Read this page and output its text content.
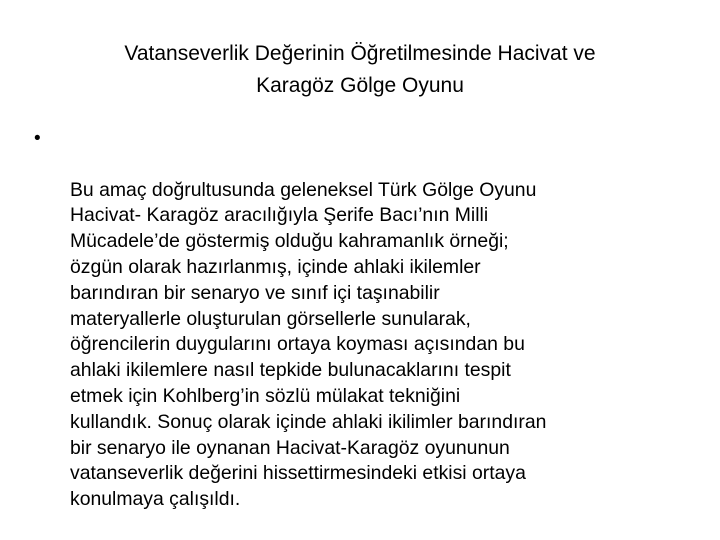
Vatanseverlik Değerinin Öğretilmesinde Hacivat ve
Karagöz Gölge Oyunu

•

Bu amaç doğrultusunda geleneksel Türk Gölge Oyunu
Hacivat- Karagöz aracılığıyla Şerife Bacı’nın Milli
Mücadele’de göstermiş olduğu kahramanlık örneği;
özgün olarak hazırlanmış, içinde ahlaki ikilemler
barındıran bir senaryo ve sınıf içi taşınabilir
materyallerle oluşturulan görsellerle sunularak,
öğrencilerin duygularını ortaya koyması açısından bu
ahlaki ikilemlere nasıl tepkide bulunacaklarını tespit
etmek için Kohlberg’in sözlü mülakat tekniğini
kullandık. Sonuç olarak içinde ahlaki ikilimler barındıran
bir senaryo ile oynanan Hacivat-Karagöz oyununun
vatanseverlik değerini hissettirmesindeki etkisi ortaya
konulmaya çalışıldı.
